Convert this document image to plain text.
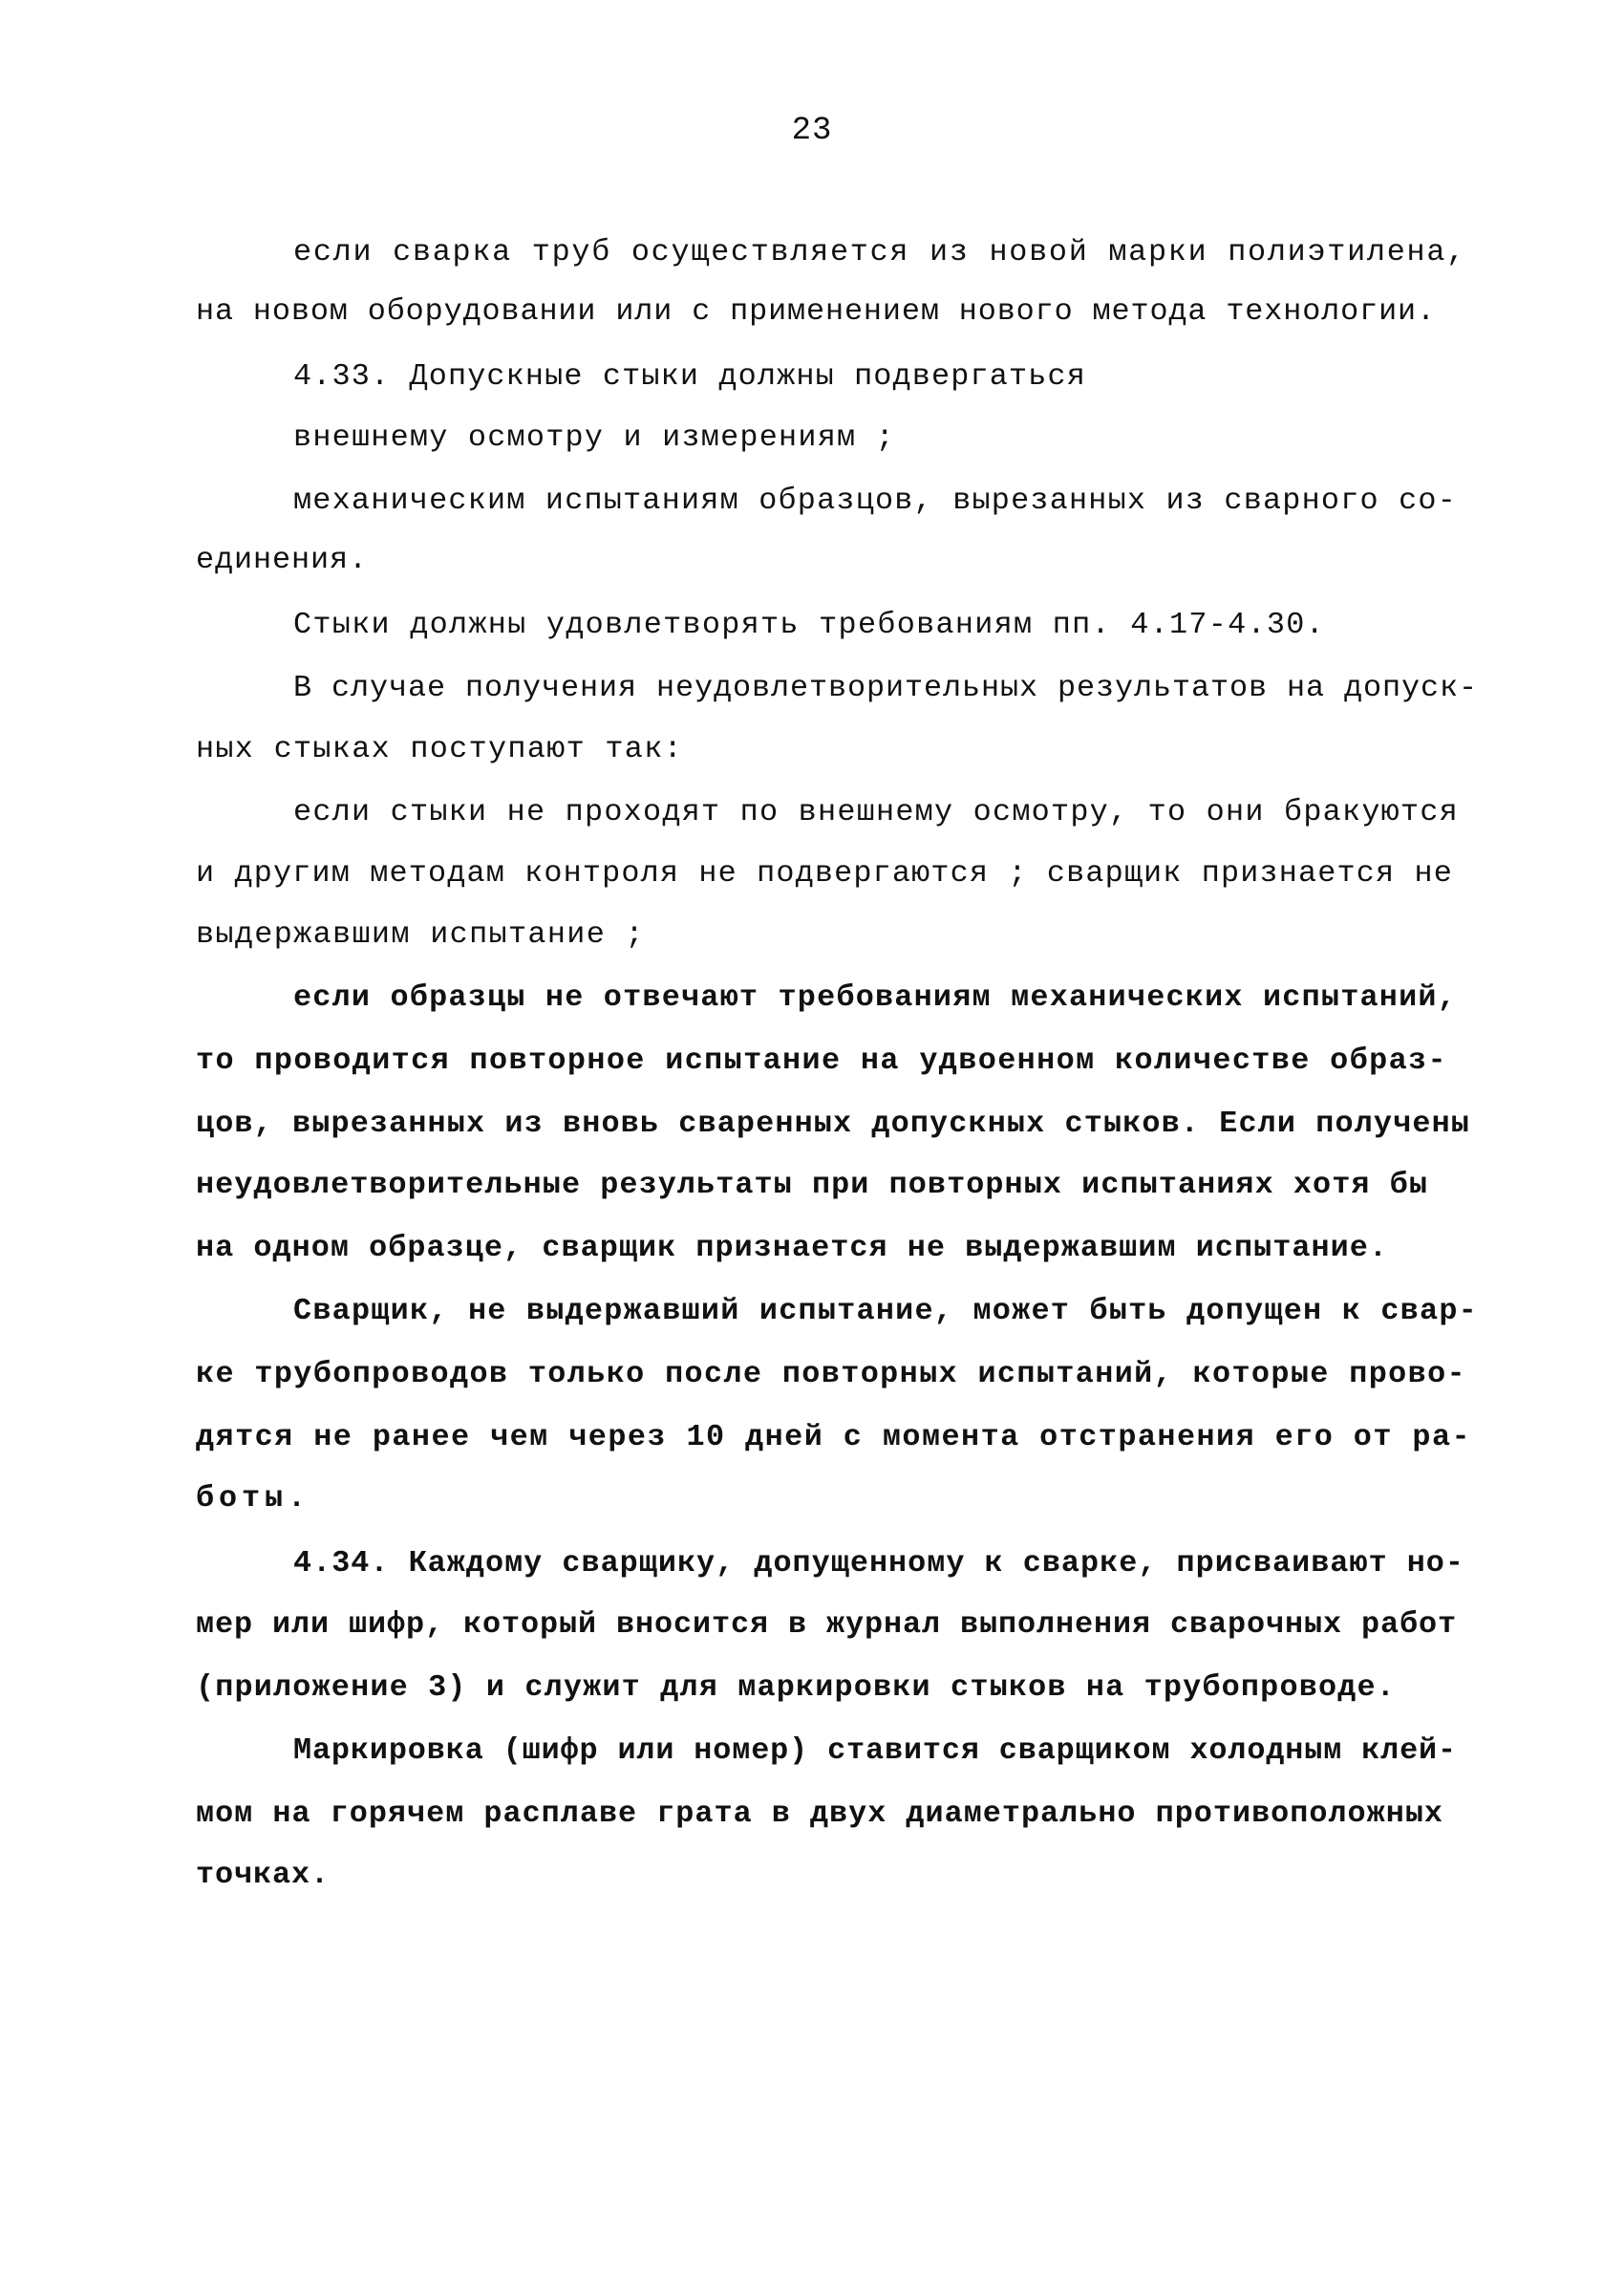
23
если сварка труб осуществляется из новой марки полиэтилена,
на новом оборудовании или с применением нового метода технологии.
4.33. Допускные стыки должны подвергаться
внешнему осмотру и измерениям ;
механическим испытаниям образцов, вырезанных из сварного со-
единения.
Стыки должны удовлетворять требованиям пп. 4.17-4.30.
В случае получения неудовлетворительных результатов на допуск-
ных стыках поступают так:
если стыки не проходят по внешнему осмотру, то они бракуются
и другим методам контроля не подвергаются ; сварщик признается не
выдержавшим испытание ;
если образцы не отвечают требованиям механических испытаний,
то проводится повторное испытание на удвоенном количестве образ-
цов, вырезанных из вновь сваренных допускных стыков. Если получены
неудовлетворительные результаты при повторных испытаниях хотя бы
на одном образце, сварщик признается не выдержавшим испытание.
Сварщик, не выдержавший испытание, может быть допущен к свар-
ке трубопроводов только после повторных испытаний, которые прово-
дятся не ранее чем через 10 дней с момента отстранения его от ра-
боты.
4.34. Каждому сварщику, допущенному к сварке, присваивают но-
мер или шифр, который вносится в журнал выполнения сварочных работ
(приложение 3) и служит для маркировки стыков на трубопроводе.
Маркировка (шифр или номер) ставится сварщиком холодным клей-
мом на горячем расплаве грата в двух диаметрально противоположных
точках.
